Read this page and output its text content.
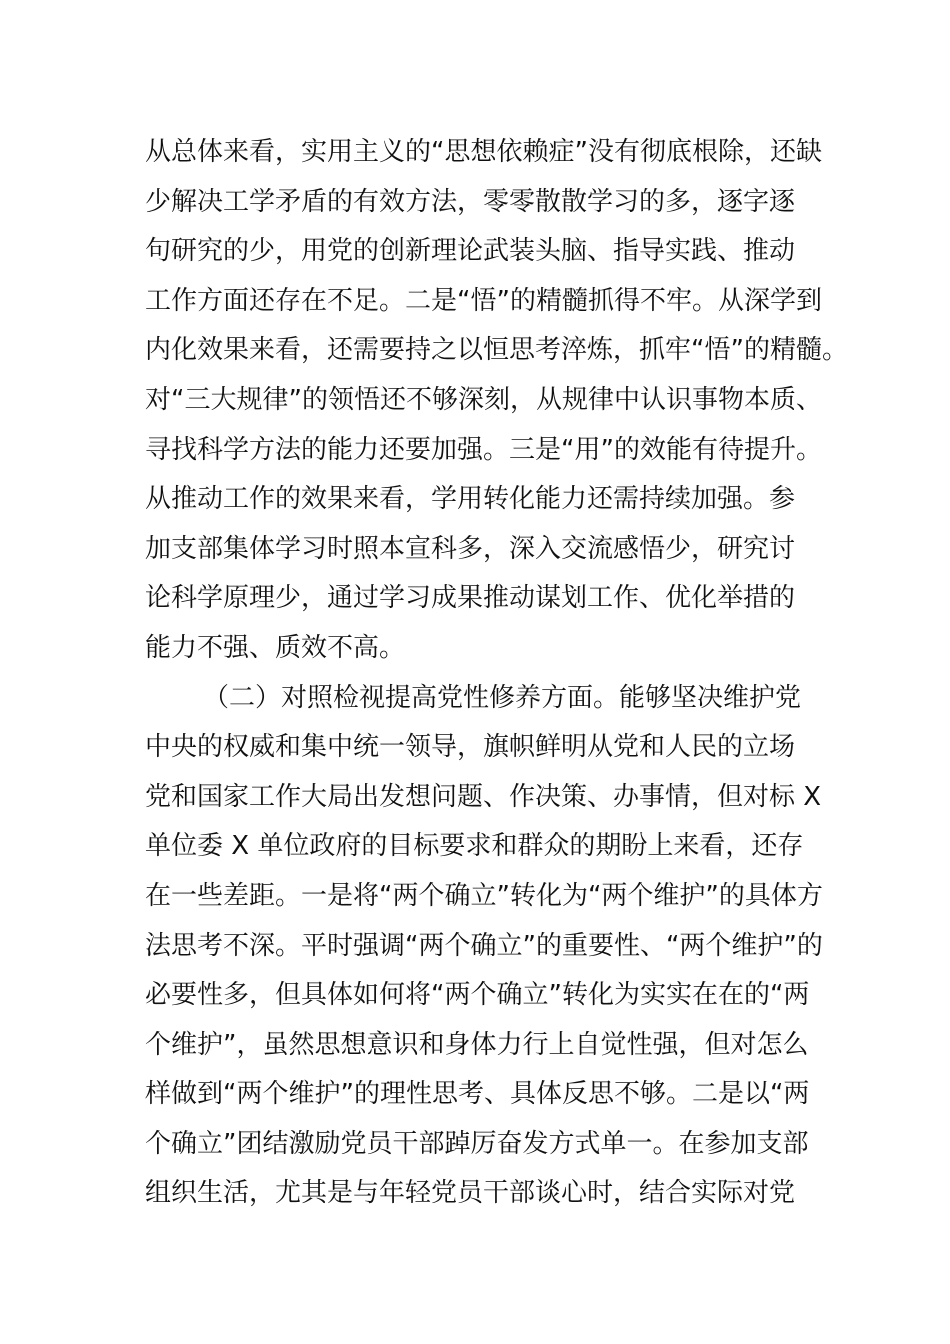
从总体来看，实用主义的“思想依赖症”没有彻底根除，还缺
少解决工学矛盾的有效方法，零零散散学习的多，逐字逐
句研究的少，用党的创新理论武装头脑、指导实践、推动
工作方面还存在不足。二是“悟”的精髓抓得不牢。从深学到
内化效果来看，还需要持之以恒思考淬炼，抓牢“悟”的精髓。
对“三大规律”的领悟还不够深刻，从规律中认识事物本质、
寻找科学方法的能力还要加强。三是“用”的效能有待提升。
从推动工作的效果来看，学用转化能力还需持续加强。参
加支部集体学习时照本宣科多，深入交流感悟少，研究讨
论科学原理少，通过学习成果推动谋划工作、优化举措的
能力不强、质效不高。
（二）对照检视提高党性修养方面。能够坚决维护党
中央的权威和集中统一领导，旗帜鲜明从党和人民的立场
党和国家工作大局出发想问题、作决策、办事情，但对标 X
单位委 X 单位政府的目标要求和群众的期盼上来看，还存
在一些差距。一是将“两个确立”转化为“两个维护”的具体方
法思考不深。平时强调“两个确立”的重要性、“两个维护”的
必要性多，但具体如何将“两个确立”转化为实实在在的“两
个维护”，虽然思想意识和身体力行上自觉性强，但对怎么
样做到“两个维护”的理性思考、具体反思不够。二是以“两
个确立”团结激励党员干部踔厉奋发方式单一。在参加支部
组织生活，尤其是与年轻党员干部谈心时，结合实际对党
